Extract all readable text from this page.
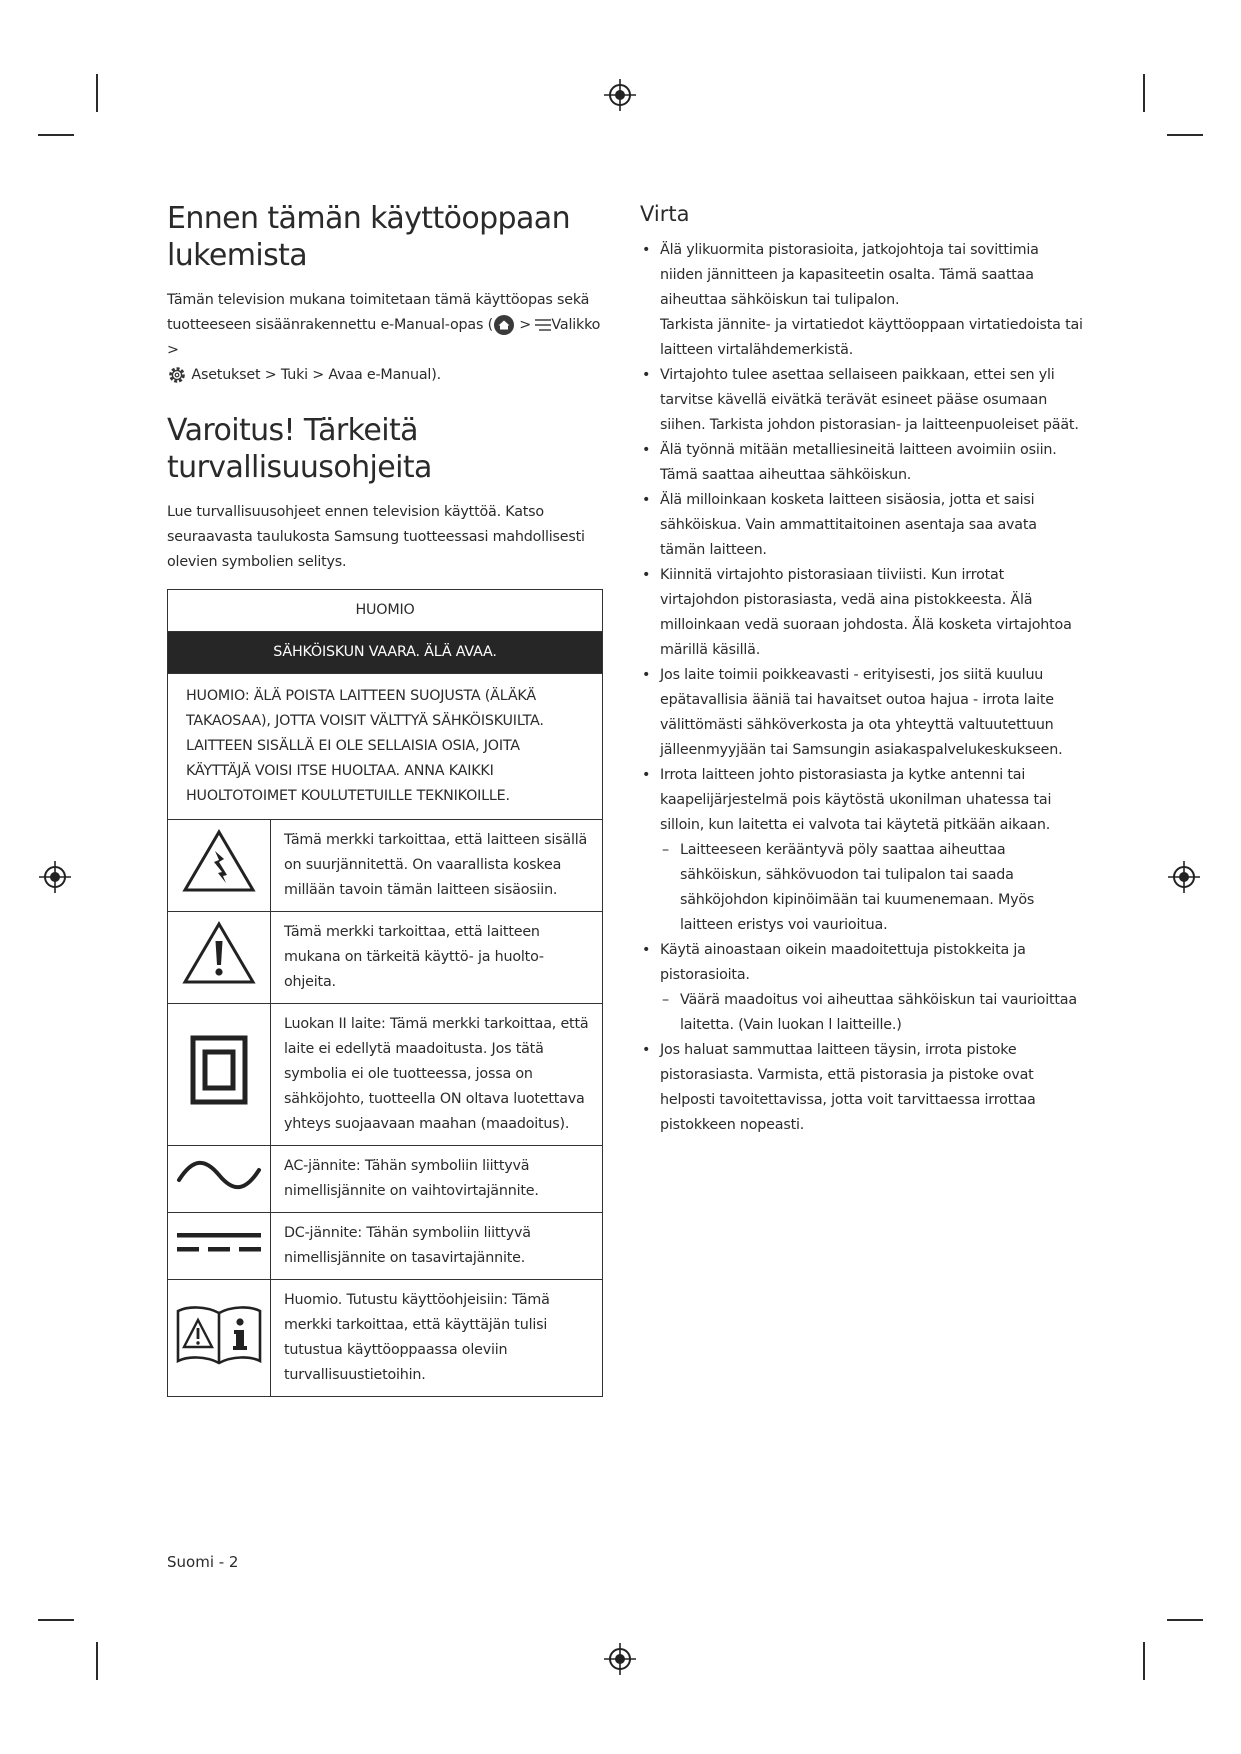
Ennen tämän käyttöoppaan lukemista

Tämän television mukana toimitetaan tämä käyttöopas sekä tuotteeseen sisäänrakennettu e-Manual-opas ( > Valikko >
Asetukset > Tuki > Avaa e-Manual).

Varoitus! Tärkeitä turvallisuusohjeita

Lue turvallisuusohjeet ennen television käyttöä. Katso seuraavasta taulukosta Samsung tuotteessasi mahdollisesti olevien symbolien selitys.

HUOMIO	
SÄHKÖISKUN VAARA. ÄLÄ AVAA.	
HUOMIO: ÄLÄ POISTA LAITTEEN SUOJUSTA (ÄLÄKÄ TAKAOSAA), JOTTA VOISIT VÄLTTYÄ SÄHKÖISKUILTA. LAITTEEN SISÄLLÄ EI OLE SELLAISIA OSIA, JOITA KÄYTTÄJÄ VOISI ITSE HUOLTAA. ANNA KAIKKI HUOLTOTOIMET KOULUTETUILLE TEKNIKOILLE.	
	Tämä merkki tarkoittaa, että laitteen sisällä on suurjännitettä. On vaarallista koskea millään tavoin tämän laitteen sisäosiin.
	Tämä merkki tarkoittaa, että laitteen mukana on tärkeitä käyttö- ja huolto-ohjeita.
	Luokan II laite: Tämä merkki tarkoittaa, että laite ei edellytä maadoitusta. Jos tätä symbolia ei ole tuotteessa, jossa on sähköjohto, tuotteella ON oltava luotettava yhteys suojaavaan maahan (maadoitus).
	AC-jännite: Tähän symboliin liittyvä nimellisjännite on vaihtovirtajännite.
	DC-jännite: Tähän symboliin liittyvä nimellisjännite on tasavirtajännite.
	Huomio. Tutustu käyttöohjeisiin: Tämä merkki tarkoittaa, että käyttäjän tulisi tutustua käyttöoppaassa oleviin turvallisuustietoihin.
Virta
• Älä ylikuormita pistorasioita, jatkojohtoja tai sovittimia niiden jännitteen ja kapasiteetin osalta. Tämä saattaa aiheuttaa sähköiskun tai tulipalon.
Tarkista jännite- ja virtatiedot käyttöoppaan virtatiedoista tai laitteen virtalähdemerkistä.
• Virtajohto tulee asettaa sellaiseen paikkaan, ettei sen yli tarvitse kävellä eivätkä terävät esineet pääse osumaan siihen. Tarkista johdon pistorasian- ja laitteenpuoleiset päät.
• Älä työnnä mitään metalliesineitä laitteen avoimiin osiin. Tämä saattaa aiheuttaa sähköiskun.
• Älä milloinkaan kosketa laitteen sisäosia, jotta et saisi sähköiskua. Vain ammattitaitoinen asentaja saa avata tämän laitteen.
• Kiinnitä virtajohto pistorasiaan tiiviisti. Kun irrotat virtajohdon pistorasiasta, vedä aina pistokkeesta. Älä milloinkaan vedä suoraan johdosta. Älä kosketa virtajohtoa märillä käsillä.
• Jos laite toimii poikkeavasti - erityisesti, jos siitä kuuluu epätavallisia ääniä tai havaitset outoa hajua - irrota laite välittömästi sähköverkosta ja ota yhteyttä valtuutettuun jälleenmyyjään tai Samsungin asiakaspalvelukeskukseen.
• Irrota laitteen johto pistorasiasta ja kytke antenni tai kaapelijärjestelmä pois käytöstä ukonilman uhatessa tai silloin, kun laitetta ei valvota tai käytetä pitkään aikaan.
– Laitteeseen kerääntyvä pöly saattaa aiheuttaa sähköiskun, sähkövuodon tai tulipalon tai saada sähköjohdon kipinöimään tai kuumenemaan. Myös laitteen eristys voi vaurioitua.
• Käytä ainoastaan oikein maadoitettuja pistokkeita ja pistorasioita.
– Väärä maadoitus voi aiheuttaa sähköiskun tai vaurioittaa laitetta. (Vain luokan l laitteille.)
• Jos haluat sammuttaa laitteen täysin, irrota pistoke pistorasiasta. Varmista, että pistorasia ja pistoke ovat helposti tavoitettavissa, jotta voit tarvittaessa irrottaa pistokkeen nopeasti.
Suomi - 2
